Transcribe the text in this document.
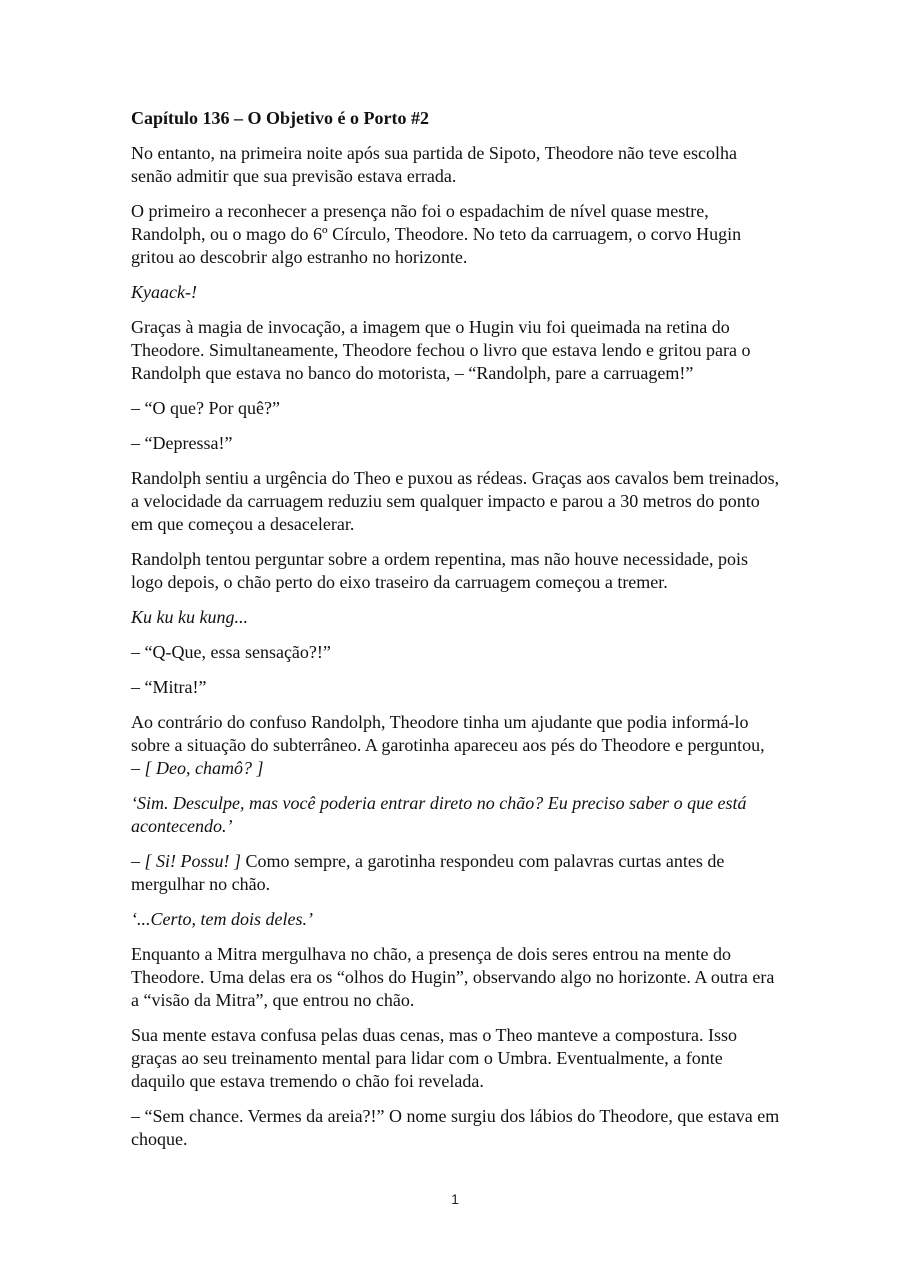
Capítulo 136 – O Objetivo é o Porto #2

No entanto, na primeira noite após sua partida de Sipoto, Theodore não teve escolha senão admitir que sua previsão estava errada.

O primeiro a reconhecer a presença não foi o espadachim de nível quase mestre, Randolph, ou o mago do 6º Círculo, Theodore. No teto da carruagem, o corvo Hugin gritou ao descobrir algo estranho no horizonte.

Kyaack-!

Graças à magia de invocação, a imagem que o Hugin viu foi queimada na retina do Theodore. Simultaneamente, Theodore fechou o livro que estava lendo e gritou para o Randolph que estava no banco do motorista, – “Randolph, pare a carruagem!”

– “O que? Por quê?”

– “Depressa!”

Randolph sentiu a urgência do Theo e puxou as rédeas. Graças aos cavalos bem treinados, a velocidade da carruagem reduziu sem qualquer impacto e parou a 30 metros do ponto em que começou a desacelerar.

Randolph tentou perguntar sobre a ordem repentina, mas não houve necessidade, pois logo depois, o chão perto do eixo traseiro da carruagem começou a tremer.

Ku ku ku kung...

– “Q-Que, essa sensação?!”

– “Mitra!”

Ao contrário do confuso Randolph, Theodore tinha um ajudante que podia informá-lo sobre a situação do subterrâneo. A garotinha apareceu aos pés do Theodore e perguntou,
– [ Deo, chamô? ]

‘Sim. Desculpe, mas você poderia entrar direto no chão? Eu preciso saber o que está acontecendo.’

– [ Si! Possu! ] Como sempre, a garotinha respondeu com palavras curtas antes de mergulhar no chão.

‘...Certo, tem dois deles.’

Enquanto a Mitra mergulhava no chão, a presença de dois seres entrou na mente do Theodore. Uma delas era os “olhos do Hugin”, observando algo no horizonte. A outra era a “visão da Mitra”, que entrou no chão.

Sua mente estava confusa pelas duas cenas, mas o Theo manteve a compostura. Isso graças ao seu treinamento mental para lidar com o Umbra. Eventualmente, a fonte daquilo que estava tremendo o chão foi revelada.

– “Sem chance. Vermes da areia?!” O nome surgiu dos lábios do Theodore, que estava em choque.

1
